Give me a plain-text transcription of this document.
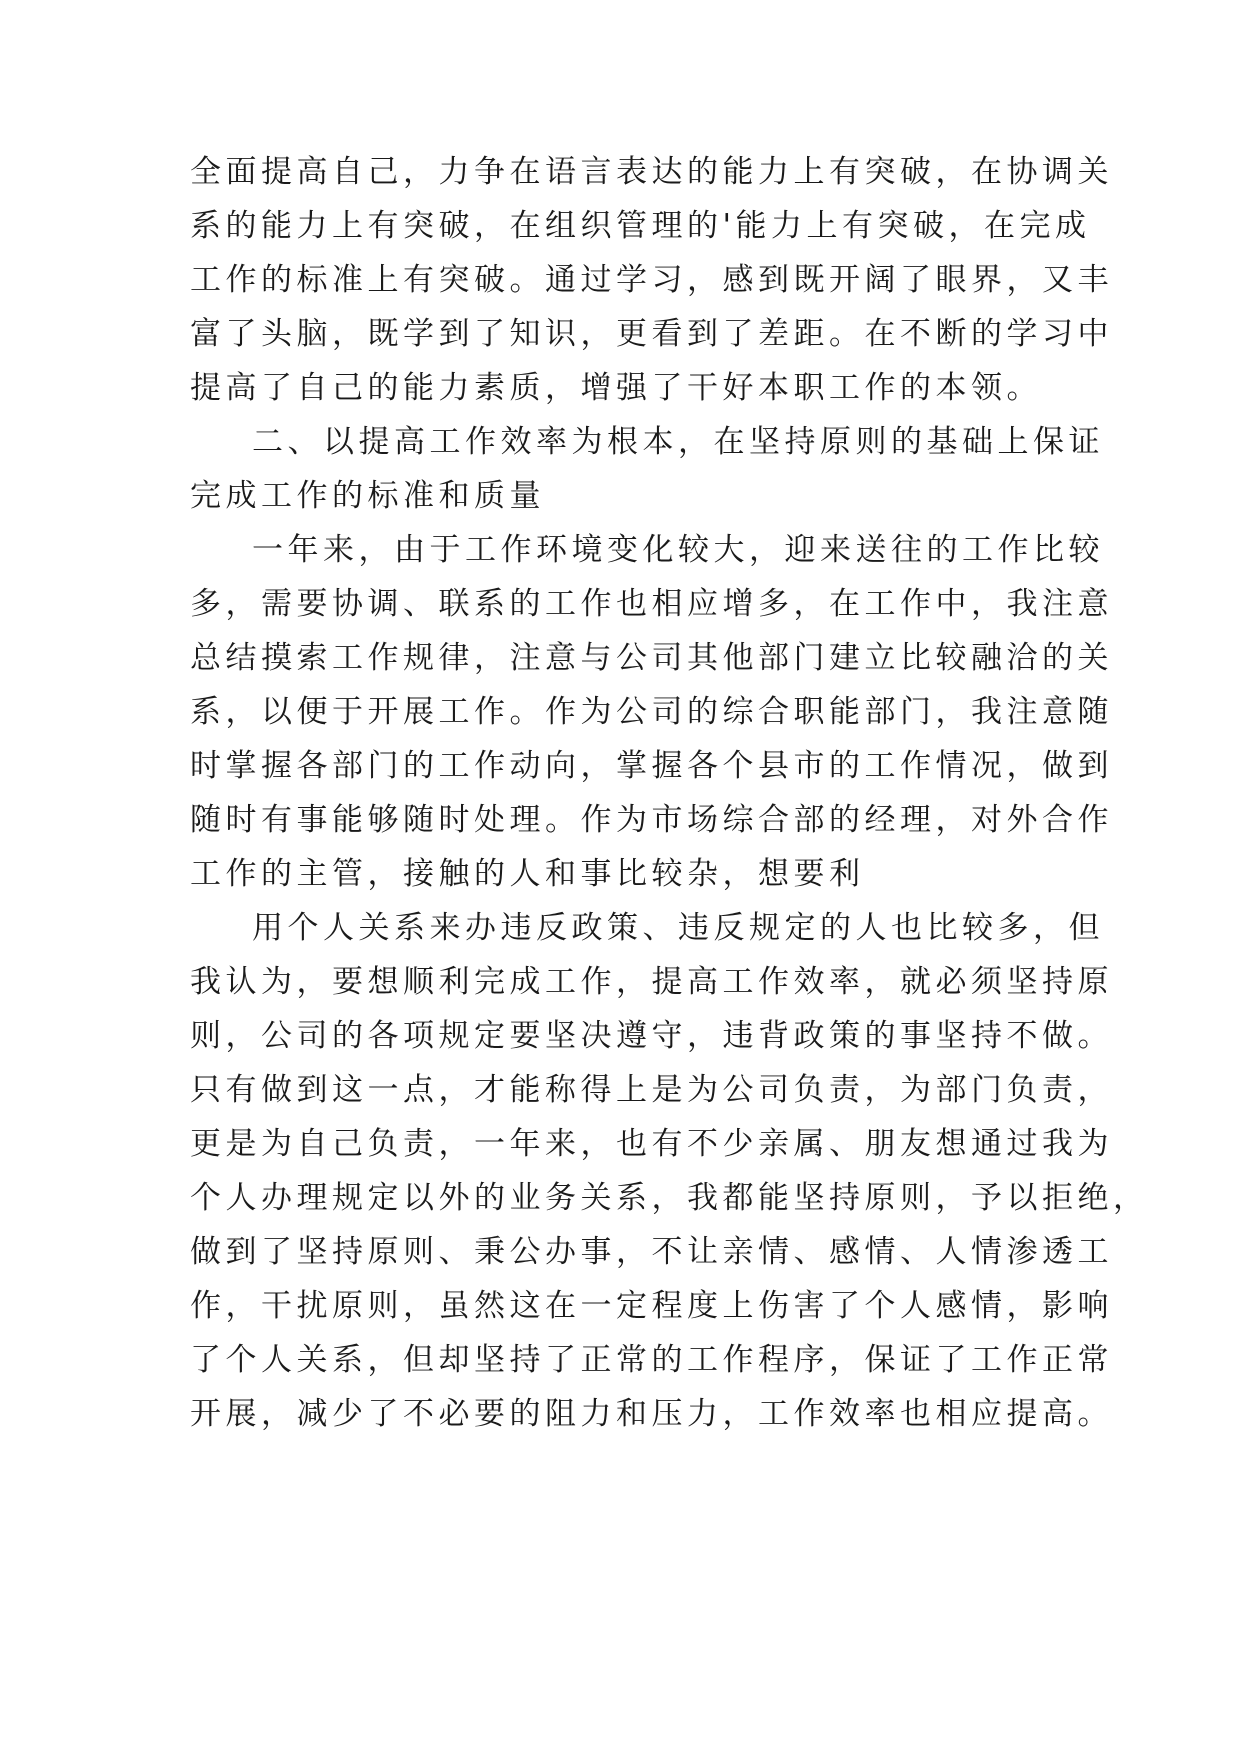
全面提高自己，力争在语言表达的能力上有突破，在协调关
系的能力上有突破，在组织管理的'能力上有突破，在完成
工作的标准上有突破。通过学习，感到既开阔了眼界，又丰
富了头脑，既学到了知识，更看到了差距。在不断的学习中
提高了自己的能力素质，增强了干好本职工作的本领。
二、以提高工作效率为根本，在坚持原则的基础上保证
完成工作的标准和质量
一年来，由于工作环境变化较大，迎来送往的工作比较
多，需要协调、联系的工作也相应增多，在工作中，我注意
总结摸索工作规律，注意与公司其他部门建立比较融洽的关
系，以便于开展工作。作为公司的综合职能部门，我注意随
时掌握各部门的工作动向，掌握各个县市的工作情况，做到
随时有事能够随时处理。作为市场综合部的经理，对外合作
工作的主管，接触的人和事比较杂，想要利
用个人关系来办违反政策、违反规定的人也比较多，但
我认为，要想顺利完成工作，提高工作效率，就必须坚持原
则，公司的各项规定要坚决遵守，违背政策的事坚持不做。
只有做到这一点，才能称得上是为公司负责，为部门负责，
更是为自己负责，一年来，也有不少亲属、朋友想通过我为
个人办理规定以外的业务关系，我都能坚持原则，予以拒绝，
做到了坚持原则、秉公办事，不让亲情、感情、人情渗透工
作，干扰原则，虽然这在一定程度上伤害了个人感情，影响
了个人关系，但却坚持了正常的工作程序，保证了工作正常
开展，减少了不必要的阻力和压力，工作效率也相应提高。
